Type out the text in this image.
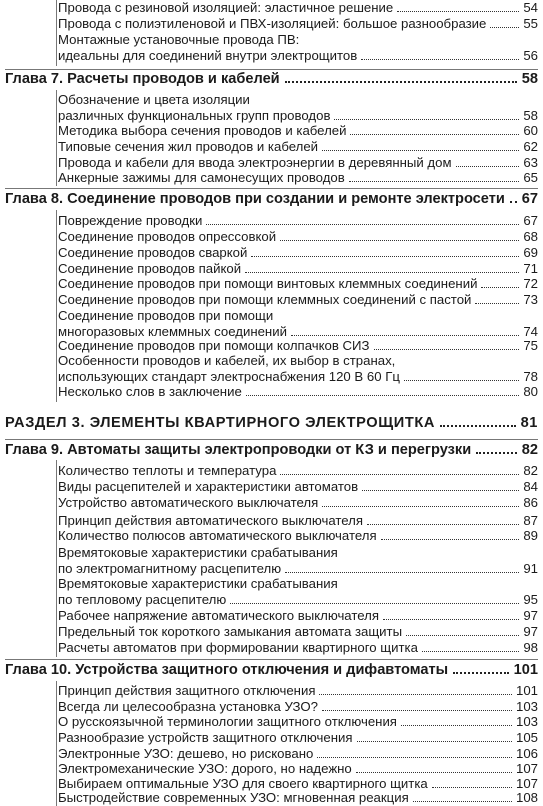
Провода с резиновой изоляцией: эластичное решение	54
Провода с полиэтиленовой и ПВХ-изоляцией: большое разнообразие	55
Монтажные установочные провода ПВ:
идеальны для соединений внутри электрощитов	56
Глава 7. Расчеты проводов и кабелей	58
Обозначение и цвета изоляции
различных функциональных групп проводов	58
Методика выбора сечения проводов и кабелей	60
Типовые сечения жил проводов и кабелей	62
Провода и кабели для ввода электроэнергии в деревянный дом	63
Анкерные зажимы для самонесущих проводов	65
Глава 8. Соединение проводов при создании и ремонте электросети 67
Повреждение проводки	67
Соединение проводов опрессовкой	68
Соединение проводов сваркой	69
Соединение проводов пайкой	71
Соединение проводов при помощи винтовых клеммных соединений	72
Соединение проводов при помощи клеммных соединений с пастой	73
Соединение проводов при помощи
многоразовых клеммных соединений	74
Соединение проводов при помощи колпачков СИЗ	75
Особенности проводов и кабелей, их выбор в странах,
использующих стандарт электроснабжения 120 В 60 Гц	78
Несколько слов в заключение	80
РАЗДЕЛ 3. ЭЛЕМЕНТЫ КВАРТИРНОГО ЭЛЕКТРОЩИТКА	81
Глава 9. Автоматы защиты электропроводки от КЗ и перегрузки	82
Количество теплоты и температура	82
Виды расцепителей и характеристики автоматов	84
Устройство автоматического выключателя	86
Принцип действия автоматического выключателя	87
Количество полюсов автоматического выключателя	89
Времятоковые характеристики срабатывания
по электромагнитному расцепителю	91
Времятоковые характеристики срабатывания
по тепловому расцепителю	95
Рабочее напряжение автоматического выключателя	97
Предельный ток короткого замыкания автомата защиты	97
Расчеты автоматов при формировании квартирного щитка	98
Глава 10. Устройства защитного отключения и дифавтоматы	101
Принцип действия защитного отключения	101
Всегда ли целесообразна установка УЗО?	103
О русскоязычной терминологии защитного отключения	103
Разнообразие устройств защитного отключения	105
Электронные УЗО: дешево, но рисковано	106
Электромеханические УЗО: дорого, но надежно	107
Выбираем оптимальные УЗО для своего квартирного щитка	107
Быстродействие современных УЗО: мгновенная реакция	108
